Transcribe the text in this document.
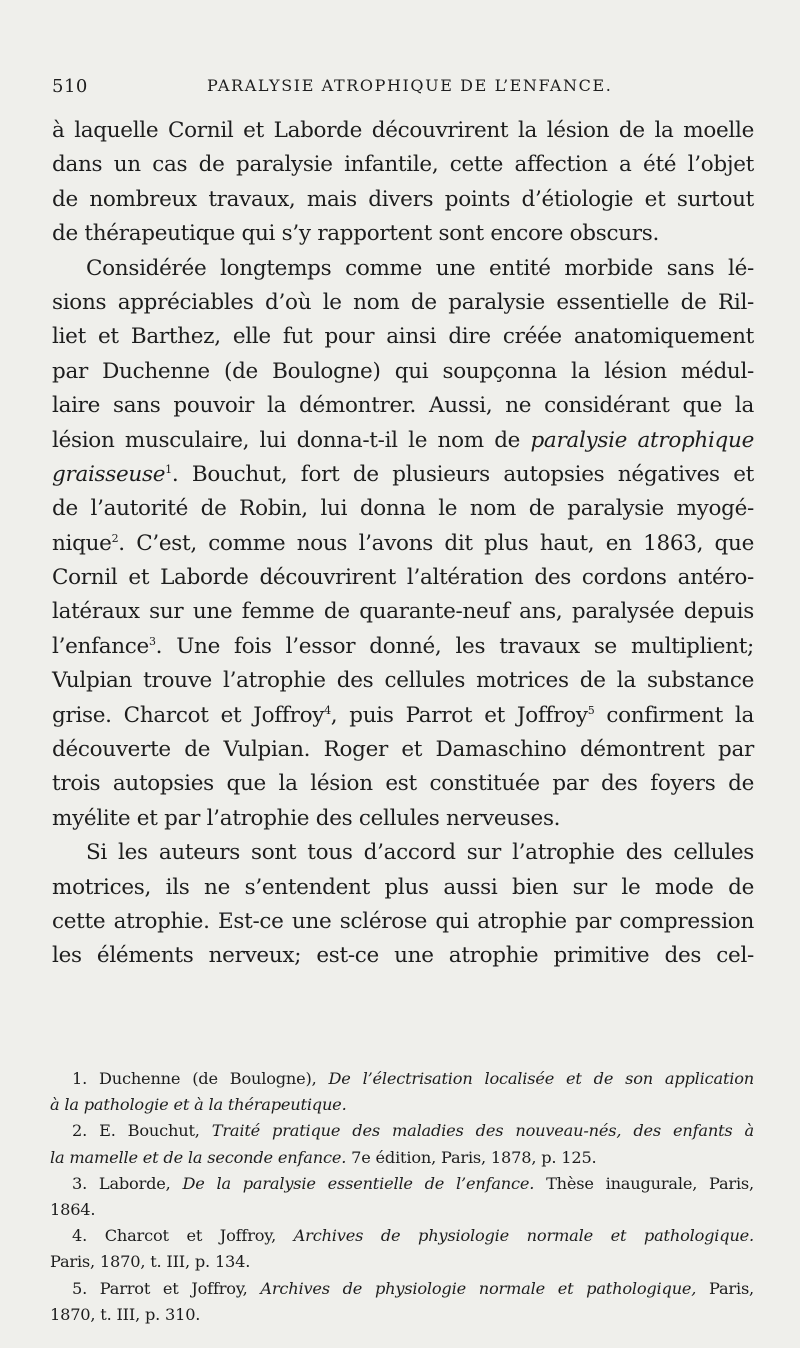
510	PARALYSIE ATROPHIQUE DE L’ENFANCE.
à laquelle Cornil et Laborde découvrirent la lésion de la moelle
dans un cas de paralysie infantile, cette affection a été l’objet
de nombreux travaux, mais divers points d’étiologie et surtout
de thérapeutique qui s’y rapportent sont encore obscurs.
Considérée longtemps comme une entité morbide sans lé-
sions appréciables d’où le nom de paralysie essentielle de Ril-
liet et Barthez, elle fut pour ainsi dire créée anatomiquement
par Duchenne (de Boulogne) qui soupçonna la lésion médul-
laire sans pouvoir la démontrer. Aussi, ne considérant que la
lésion musculaire, lui donna-t-il le nom de paralysie atrophique
graisseuse$^1$. Bouchut, fort de plusieurs autopsies négatives et
de l’autorité de Robin, lui donna le nom de paralysie myogé-
nique$^2$. C’est, comme nous l’avons dit plus haut, en 1863, que
Cornil et Laborde découvrirent l’altération des cordons antéro-
latéraux sur une femme de quarante-neuf ans, paralysée depuis
l’enfance$^3$. Une fois l’essor donné, les travaux se multiplient;
Vulpian trouve l’atrophie des cellules motrices de la substance
grise. Charcot et Joffroy$^4$, puis Parrot et Joffroy$^5$ confirment la
découverte de Vulpian. Roger et Damaschino démontrent par
trois autopsies que la lésion est constituée par des foyers de
myélite et par l’atrophie des cellules nerveuses.
Si les auteurs sont tous d’accord sur l’atrophie des cellules
motrices, ils ne s’entendent plus aussi bien sur le mode de
cette atrophie. Est-ce une sclérose qui atrophie par compression
les éléments nerveux; est-ce une atrophie primitive des cel-
1. Duchenne (de Boulogne), De l’électrisation localisée et de son application
à la pathologie et à la thérapeutique.
2. E. Bouchut, Traité pratique des maladies des nouveau-nés, des enfants à
la mamelle et de la seconde enfance. 7e édition, Paris, 1878, p. 125.
3. Laborde, De la paralysie essentielle de l’enfance. Thèse inaugurale, Paris,
1864.
4. Charcot et Joffroy, Archives de physiologie normale et pathologique.
Paris, 1870, t. III, p. 134.
5. Parrot et Joffroy, Archives de physiologie normale et pathologique, Paris,
1870, t. III, p. 310.
